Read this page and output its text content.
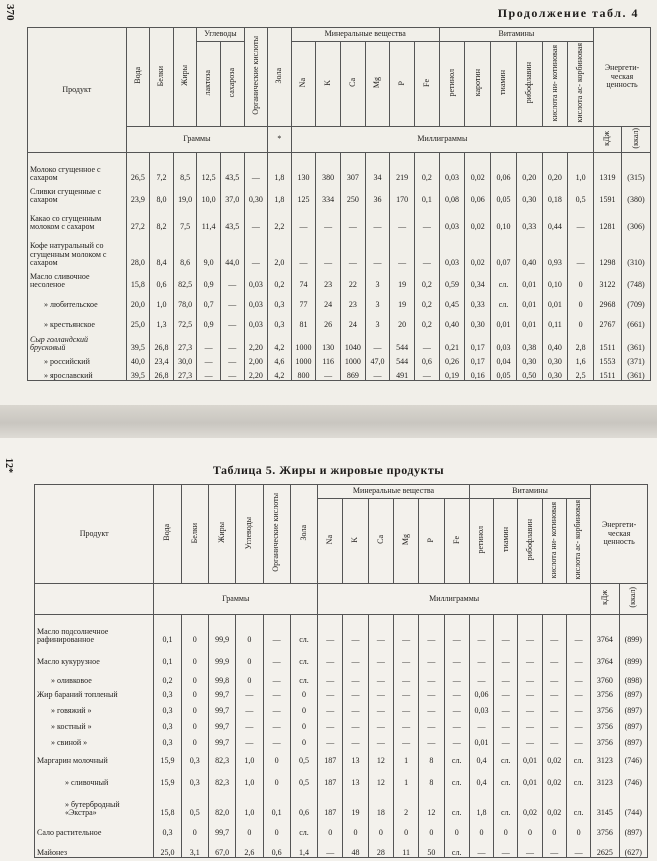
370	Продолжение табл. 4
Продукт	Вода	Белки	Жиры	Углеводы		Органические кислоты	Зола	Минеральные вещества						Витамины						Энергети- ческая ценность	
				лактоза	сахароза			Na	K	Ca	Mg	P	Fe	ретинол	каротин	тиамин	рибофлавин	кислота ни- котиновая	кислота ас- корбиновая		
	Граммы						*	Миллиграммы												кДж	(ккал)
Молоко сгущенное с сахаром	26,5	7,2	8,5	12,5	43,5	—	1,8	130	380	307	34	219	0,2	0,03	0,02	0,06	0,20	0,20	1,0	1319	(315)
Сливки сгущенные с сахаром	23,9	8,0	19,0	10,0	37,0	0,30	1,8	125	334	250	36	170	0,1	0,08	0,06	0,05	0,30	0,18	0,5	1591	(380)
Какао со сгущенным молоком с сахаром	27,2	8,2	7,5	11,4	43,5	—	2,2	—	—	—	—	—	—	0,03	0,02	0,10	0,33	0,44	—	1281	(306)
Кофе натуральный со сгущенным молоком с сахаром	28,0	8,4	8,6	9,0	44,0	—	2,0	—	—	—	—	—	—	0,03	0,02	0,07	0,40	0,93	—	1298	(310)
Масло сливочное несоленое	15,8	0,6	82,5	0,9	—	0,03	0,2	74	23	22	3	19	0,2	0,59	0,34	сл.	0,01	0,10	0	3122	(748)
» любительское	20,0	1,0	78,0	0,7	—	0,03	0,3	77	24	23	3	19	0,2	0,45	0,33	сл.	0,01	0,01	0	2968	(709)
» крестьянское	25,0	1,3	72,5	0,9	—	0,03	0,3	81	26	24	3	20	0,2	0,40	0,30	0,01	0,01	0,11	0	2767	(661)
Сыр голландский брусковый	39,5	26,8	27,3	—	—	2,20	4,2	1000	130	1040	—	544	—	0,21	0,17	0,03	0,38	0,40	2,8	1511	(361)
» российский	40,0	23,4	30,0	—	—	2,00	4,6	1000	116	1000	47,0	544	0,6	0,26	0,17	0,04	0,30	0,30	1,6	1553	(371)
» ярославский	39,5	26,8	27,3	—	—	2,20	4,2	800	—	869	—	491	—	0,19	0,16	0,05	0,50	0,30	2,5	1511	(361)
12*	Таблица 5. Жиры и жировые продукты
Продукт	Вода	Белки	Жиры	Углеводы	Органические кислоты	Зола	Минеральные вещества						Витамины					Энергети- ческая ценность	
							Na	K	Ca	Mg	P	Fe	ретинол	тиамин	рибофлавин	кислота ни- котиновая	кислота ас- корбиновая		
	Граммы						Миллиграммы											кДж	(ккал)
Масло подсолнечное рафинированное	0,1	0	99,9	0	—	сл.	—	—	—	—	—	—	—	—	—	—	—	3764	(899)
Масло кукурузное	0,1	0	99,9	0	—	сл.	—	—	—	—	—	—	—	—	—	—	—	3764	(899)
» оливковое	0,2	0	99,8	0	—	сл.	—	—	—	—	—	—	—	—	—	—	—	3760	(898)
Жир бараний топленый	0,3	0	99,7	—	—	0	—	—	—	—	—	—	0,06	—	—	—	—	3756	(897)
» говяжий »	0,3	0	99,7	—	—	0	—	—	—	—	—	—	0,03	—	—	—	—	3756	(897)
» костный »	0,3	0	99,7	—	—	0	—	—	—	—	—	—	—	—	—	—	—	3756	(897)
» свиной »	0,3	0	99,7	—	—	0	—	—	—	—	—	—	0,01	—	—	—	—	3756	(897)
Маргарин молочный	15,9	0,3	82,3	1,0	0	0,5	187	13	12	1	8	сл.	0,4	сл.	0,01	0,02	сл.	3123	(746)
» сливочный	15,9	0,3	82,3	1,0	0	0,5	187	13	12	1	8	сл.	0,4	сл.	0,01	0,02	сл.	3123	(746)
» бутербродный «Экстра»	15,8	0,5	82,0	1,0	0,1	0,6	187	19	18	2	12	сл.	1,8	сл.	0,02	0,02	сл.	3145	(744)
Сало растительное	0,3	0	99,7	0	0	сл.	0	0	0	0	0	0	0	0	0	0	0	3756	(897)
Майонез	25,0	3,1	67,0	2,6	0,6	1,4	—	48	28	11	50	сл.	—	—	—	—	—	2625	(627)
